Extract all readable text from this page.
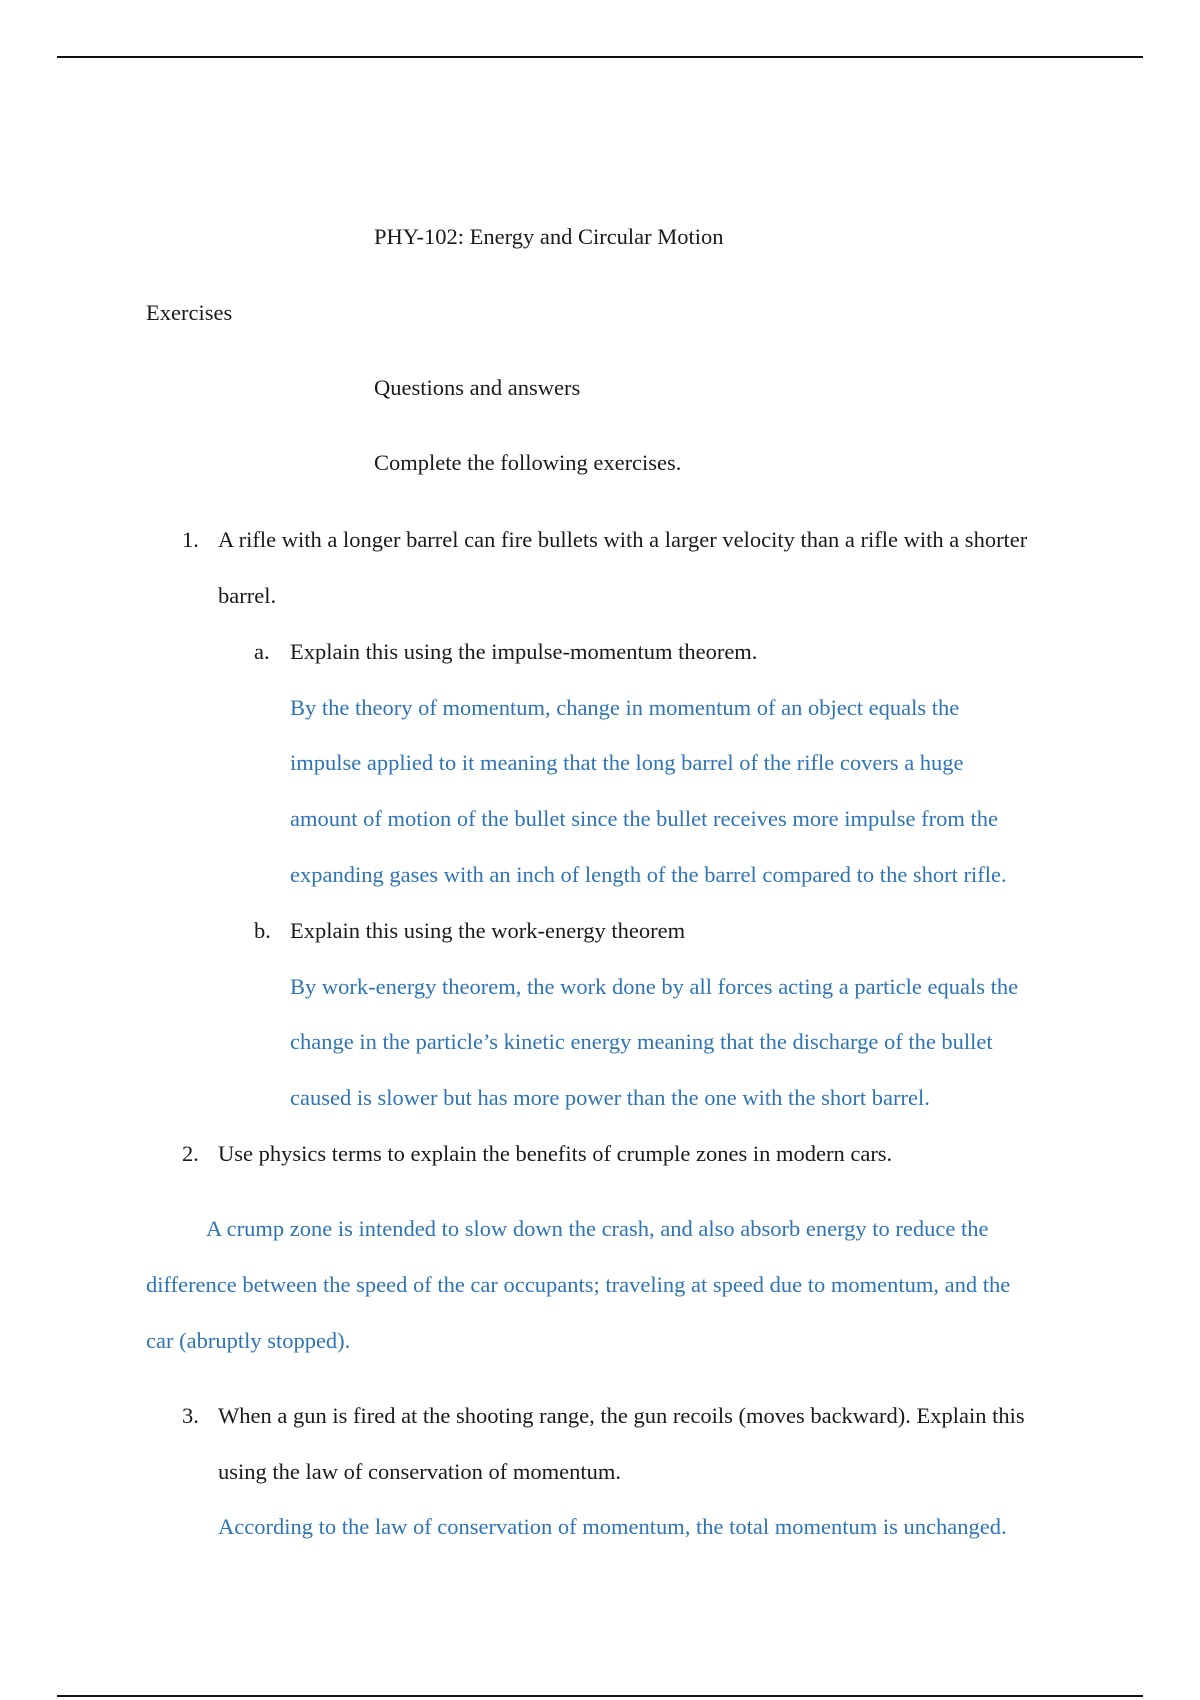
PHY-102: Energy and Circular Motion
Exercises
Questions and answers
Complete the following exercises.
1. A rifle with a longer barrel can fire bullets with a larger velocity than a rifle with a shorter
barrel.
a. Explain this using the impulse-momentum theorem.
By the theory of momentum, change in momentum of an object equals the
impulse applied to it meaning that the long barrel of the rifle covers a huge
amount of motion of the bullet since the bullet receives more impulse from the
expanding gases with an inch of length of the barrel compared to the short rifle.
b. Explain this using the work-energy theorem
By work-energy theorem, the work done by all forces acting a particle equals the
change in the particle’s kinetic energy meaning that the discharge of the bullet
caused is slower but has more power than the one with the short barrel.
2. Use physics terms to explain the benefits of crumple zones in modern cars.
A crump zone is intended to slow down the crash, and also absorb energy to reduce the
difference between the speed of the car occupants; traveling at speed due to momentum, and the
car (abruptly stopped).
3. When a gun is fired at the shooting range, the gun recoils (moves backward). Explain this
using the law of conservation of momentum.
According to the law of conservation of momentum, the total momentum is unchanged.
